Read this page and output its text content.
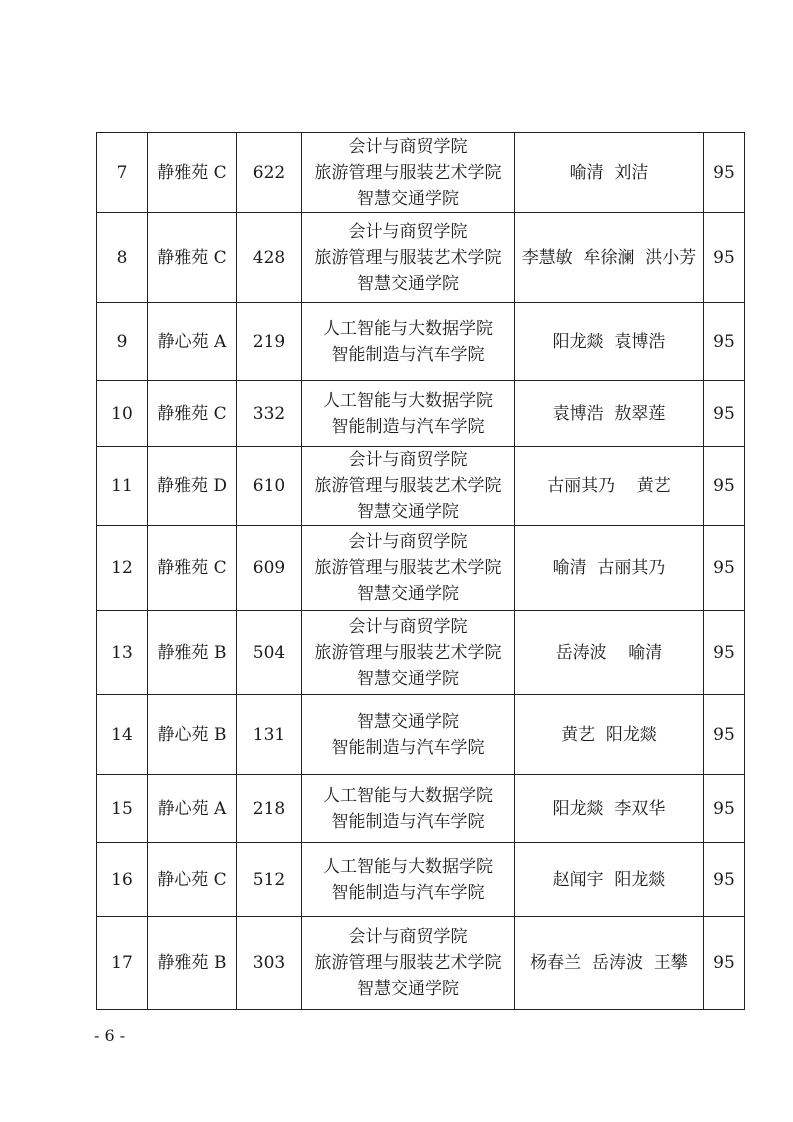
7	静雅苑 C	622	会计与商贸学院
旅游管理与服装艺术学院
智慧交通学院	喻清  刘洁	95
8	静雅苑 C	428	会计与商贸学院
旅游管理与服装艺术学院
智慧交通学院	李慧敏  牟徐澜  洪小芳	95
9	静心苑 A	219	人工智能与大数据学院
智能制造与汽车学院	阳龙燚  袁博浩	95
10	静雅苑 C	332	人工智能与大数据学院
智能制造与汽车学院	袁博浩  敖翠莲	95
11	静雅苑 D	610	会计与商贸学院
旅游管理与服装艺术学院
智慧交通学院	古丽其乃    黄艺	95
12	静雅苑 C	609	会计与商贸学院
旅游管理与服装艺术学院
智慧交通学院	喻清  古丽其乃	95
13	静雅苑 B	504	会计与商贸学院
旅游管理与服装艺术学院
智慧交通学院	岳涛波    喻清	95
14	静心苑 B	131	智慧交通学院
智能制造与汽车学院	黄艺  阳龙燚	95
15	静心苑 A	218	人工智能与大数据学院
智能制造与汽车学院	阳龙燚  李双华	95
16	静心苑 C	512	人工智能与大数据学院
智能制造与汽车学院	赵闻宇  阳龙燚	95
17	静雅苑 B	303	会计与商贸学院
旅游管理与服装艺术学院
智慧交通学院	杨春兰  岳涛波  王攀	95
- 6 -
